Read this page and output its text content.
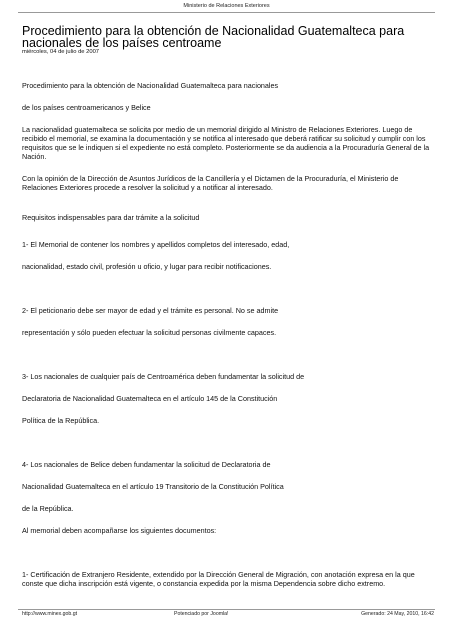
Ministerio de Relaciones Exteriores
Procedimiento para la obtención de Nacionalidad Guatemalteca para nacionales de los países centroame

miércoles, 04 de julio de 2007

Procedimiento para la obtención de Nacionalidad Guatemalteca para nacionales

de los países centroamericanos y Belice

La nacionalidad guatemalteca se solicita por medio de un memorial dirigido al Ministro de Relaciones Exteriores. Luego de recibido el memorial, se examina la documentación y se notifica al interesado que deberá ratificar su solicitud y cumplir con los requisitos que se le indiquen si el expediente no está completo. Posteriormente se da audiencia a la Procuraduría General de la Nación.

Con la opinión de la Dirección de Asuntos Jurídicos de la Cancillería y el Dictamen de la Procuraduría, el Ministerio de Relaciones Exteriores procede a resolver la solicitud y a notificar al interesado.

Requisitos indispensables para dar trámite a la solicitud

1- El Memorial de contener los nombres y apellidos completos del interesado, edad,

nacionalidad, estado civil, profesión u oficio, y lugar para recibir notificaciones.

2- El peticionario debe ser mayor de edad y el trámite es personal. No se admite

representación y sólo pueden efectuar la solicitud personas civilmente capaces.

3- Los nacionales de cualquier país de Centroamérica deben fundamentar la solicitud de

Declaratoria de Nacionalidad Guatemalteca en el artículo 145 de la Constitución

Política de la República.

4- Los nacionales de Belice deben fundamentar la solicitud de Declaratoria de

Nacionalidad Guatemalteca en el artículo 19 Transitorio de la Constitución Política

de la República.

Al memorial deben acompañarse los siguientes documentos:

1- Certificación de Extranjero Residente, extendido por la Dirección General de Migración, con anotación expresa en la que conste que dicha inscripción está vigente, o constancia expedida por la misma Dependencia sobre dicho extremo.

http://www.minex.gob.gt	Potenciado por Joomla!	Generado: 24 May, 2010, 16:42
